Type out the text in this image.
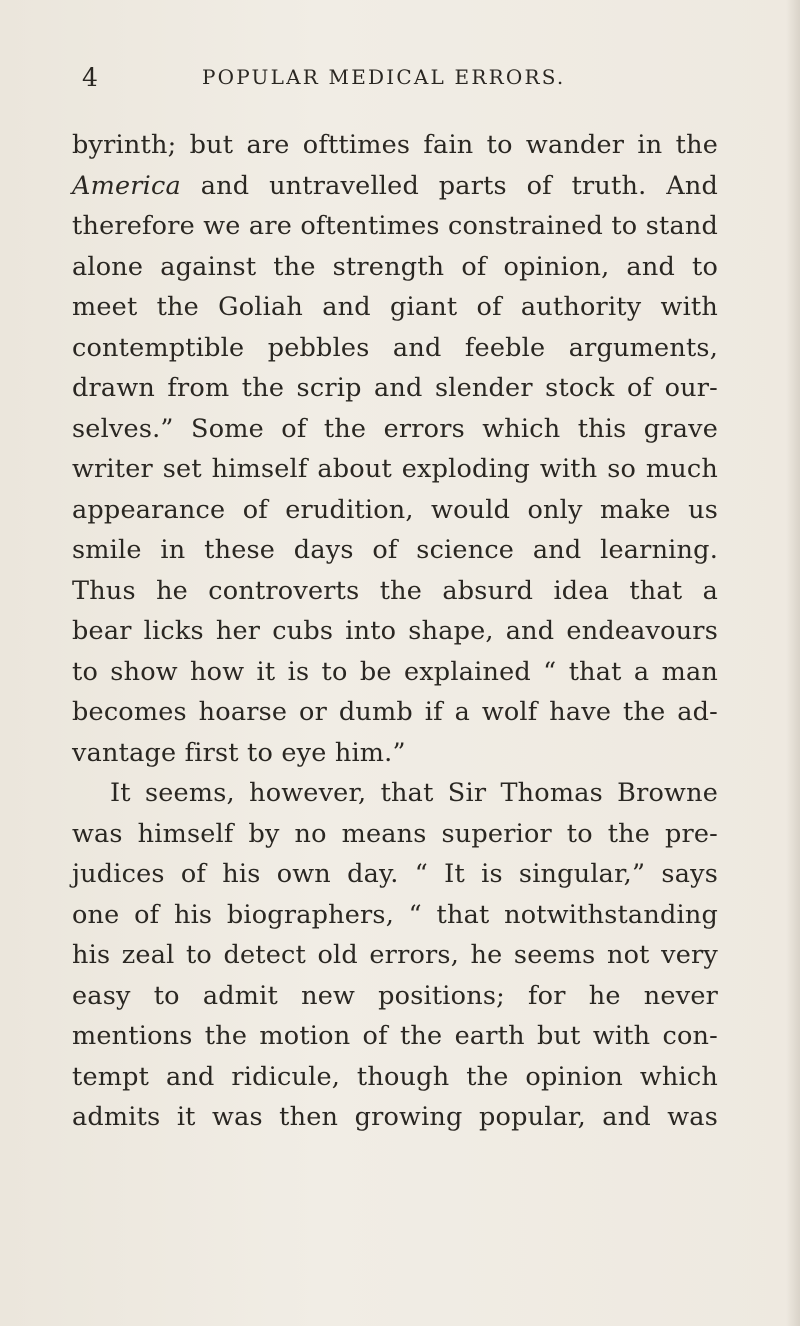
4	POPULAR MEDICAL ERRORS.
byrinth; but are ofttimes fain to wander in the
America and untravelled parts of truth. And
therefore we are oftentimes constrained to stand
alone against the strength of opinion, and to
meet the Goliah and giant of authority with
contemptible pebbles and feeble arguments,
drawn from the scrip and slender stock of our-
selves.” Some of the errors which this grave
writer set himself about exploding with so much
appearance of erudition, would only make us
smile in these days of science and learning.
Thus he controverts the absurd idea that a
bear licks her cubs into shape, and endeavours
to show how it is to be explained “ that a man
becomes hoarse or dumb if a wolf have the ad-
vantage first to eye him.”
It seems, however, that Sir Thomas Browne
was himself by no means superior to the pre-
judices of his own day. “ It is singular,” says
one of his biographers, “ that notwithstanding
his zeal to detect old errors, he seems not very
easy to admit new positions; for he never
mentions the motion of the earth but with con-
tempt and ridicule, though the opinion which
admits it was then growing popular, and was
